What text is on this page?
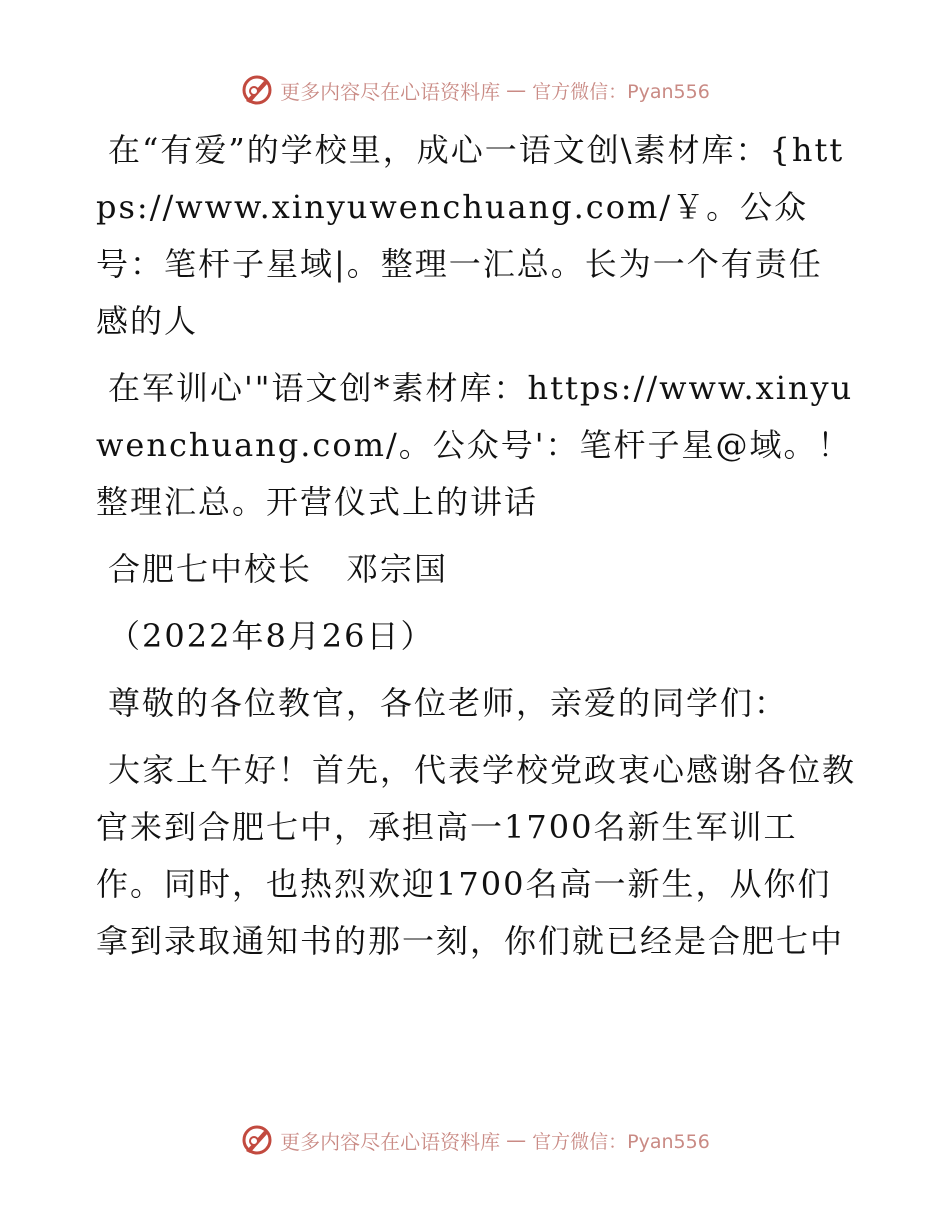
更多内容尽在心语资料库 — 官方微信：Pyan556

在“有爱”的学校里，成心一语文创\素材库：{https://www.xinyuwenchuang.com/￥。公众号：笔杆子星域|。整理一汇总。长为一个有责任感的人

在军训心'"语文创*素材库：https://www.xinyuwenchuang.com/。公众号'：笔杆子星@域。！整理汇总。开营仪式上的讲话

合肥七中校长　邓宗国

（2022年8月26日）

尊敬的各位教官，各位老师，亲爱的同学们：

大家上午好！首先，代表学校党政衷心感谢各位教官来到合肥七中，承担高一1700名新生军训工作。同时，也热烈欢迎1700名高一新生，从你们拿到录取通知书的那一刻，你们就已经是合肥七中

更多内容尽在心语资料库 — 官方微信：Pyan556
